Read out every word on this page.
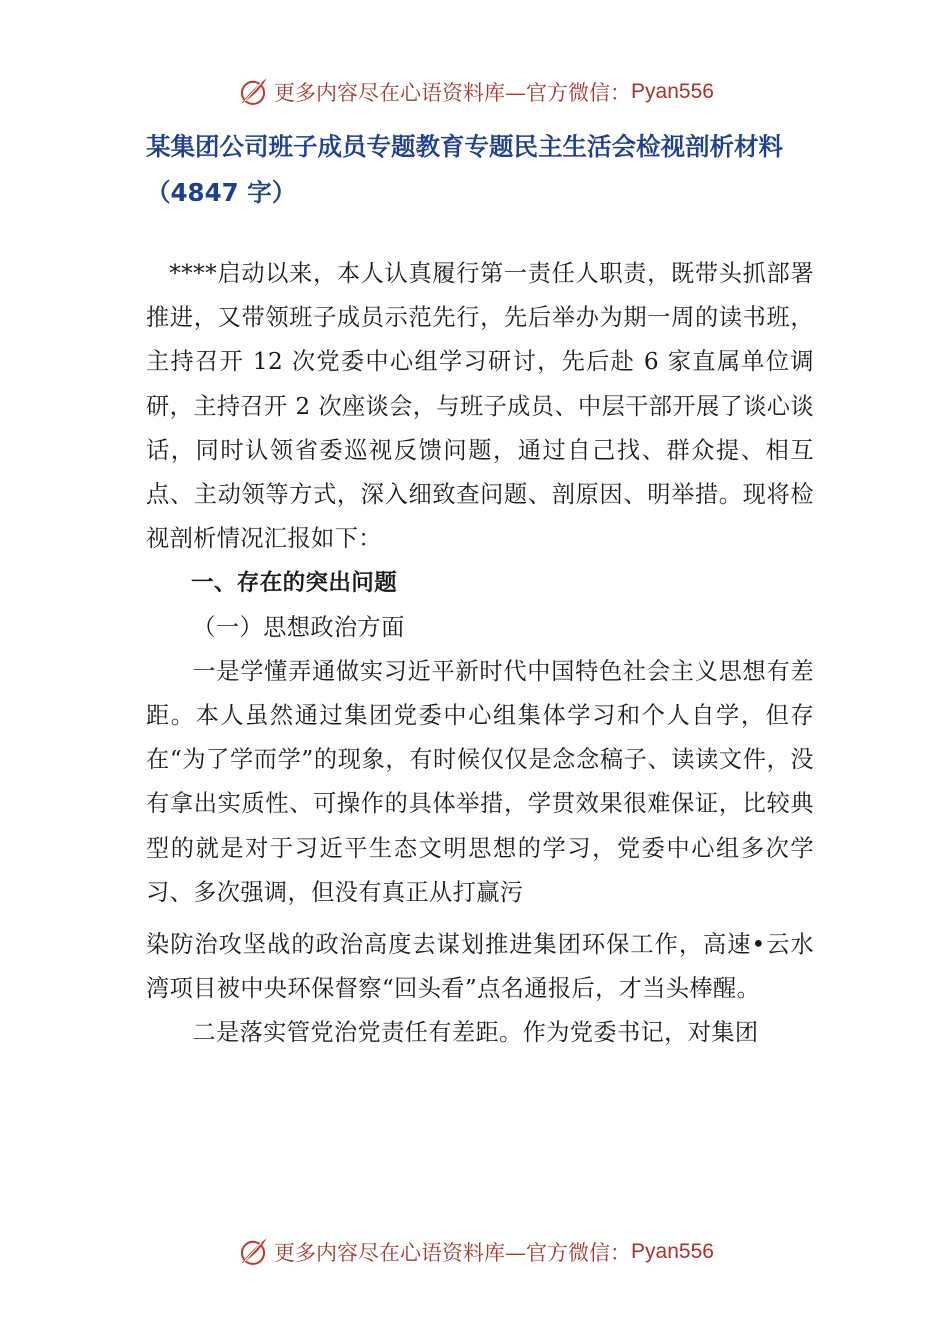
更多内容尽在心语资料库—官方微信： Pyan556
某集团公司班子成员专题教育专题民主生活会检视剖析材料（4847 字）

****启动以来，本人认真履行第一责任人职责，既带头抓部署推进，又带领班子成员示范先行，先后举办为期一周的读书班，主持召开 12 次党委中心组学习研讨，先后赴 6 家直属单位调研，主持召开 2 次座谈会，与班子成员、中层干部开展了谈心谈话，同时认领省委巡视反馈问题，通过自己找、群众提、相互点、主动领等方式，深入细致查问题、剖原因、明举措。现将检视剖析情况汇报如下：

一、存在的突出问题

（一）思想政治方面

一是学懂弄通做实习近平新时代中国特色社会主义思想有差距。本人虽然通过集团党委中心组集体学习和个人自学，但存在“为了学而学”的现象，有时候仅仅是念念稿子、读读文件，没有拿出实质性、可操作的具体举措，学贯效果很难保证，比较典型的就是对于习近平生态文明思想的学习，党委中心组多次学习、多次强调，但没有真正从打赢污

染防治攻坚战的政治高度去谋划推进集团环保工作，高速•云水湾项目被中央环保督察“回头看”点名通报后，才当头棒醒。

二是落实管党治党责任有差距。作为党委书记，对集团

更多内容尽在心语资料库—官方微信： Pyan556
